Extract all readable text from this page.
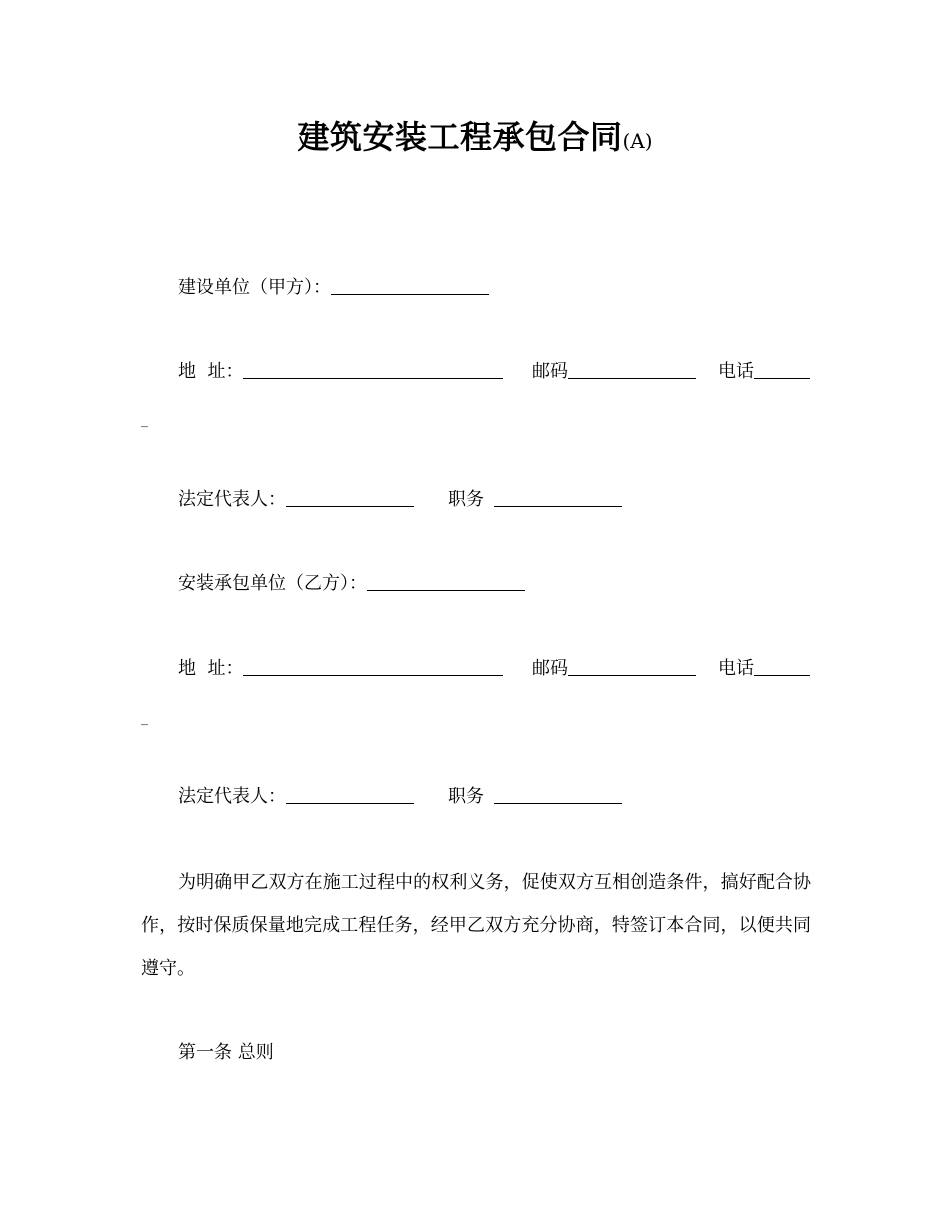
建筑安装工程承包合同(A)
建设单位（甲方）：
地  址：	邮码	电话
_
法定代表人：	职务
安装承包单位（乙方）：
地  址：	邮码	电话
_
法定代表人：	职务
为明确甲乙双方在施工过程中的权利义务，促使双方互相创造条件，搞好配合协作，按时保质保量地完成工程任务，经甲乙双方充分协商，特签订本合同，以便共同遵守。
第一条 总则
